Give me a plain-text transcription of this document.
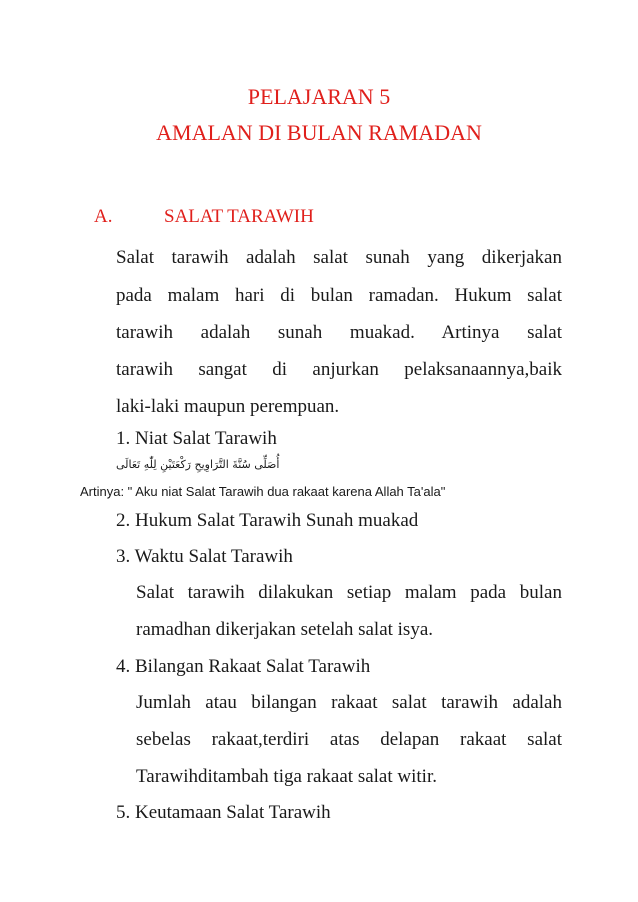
PELAJARAN 5
AMALAN DI BULAN RAMADAN
A.	SALAT TARAWIH
Salat tarawih adalah salat sunah yang dikerjakan
pada malam hari di bulan ramadan. Hukum salat
tarawih adalah sunah muakad. Artinya salat
tarawih sangat di anjurkan pelaksanaannya,baik
laki-laki maupun perempuan.
1. Niat Salat Tarawih
أُصَلِّى سُنَّةَ التَّرَاوِيحِ رَكْعَتَيْنِ لِلّٰهِ تَعَالَى
Artinya: " Aku niat Salat Tarawih dua rakaat karena Allah Ta'ala"
2. Hukum Salat Tarawih Sunah muakad
3. Waktu Salat Tarawih
Salat tarawih dilakukan setiap malam pada bulan
ramadhan dikerjakan setelah salat isya.
4. Bilangan Rakaat Salat Tarawih
Jumlah atau bilangan rakaat salat tarawih adalah
sebelas rakaat,terdiri atas delapan rakaat salat
Tarawihditambah tiga rakaat salat witir.
5. Keutamaan Salat Tarawih
